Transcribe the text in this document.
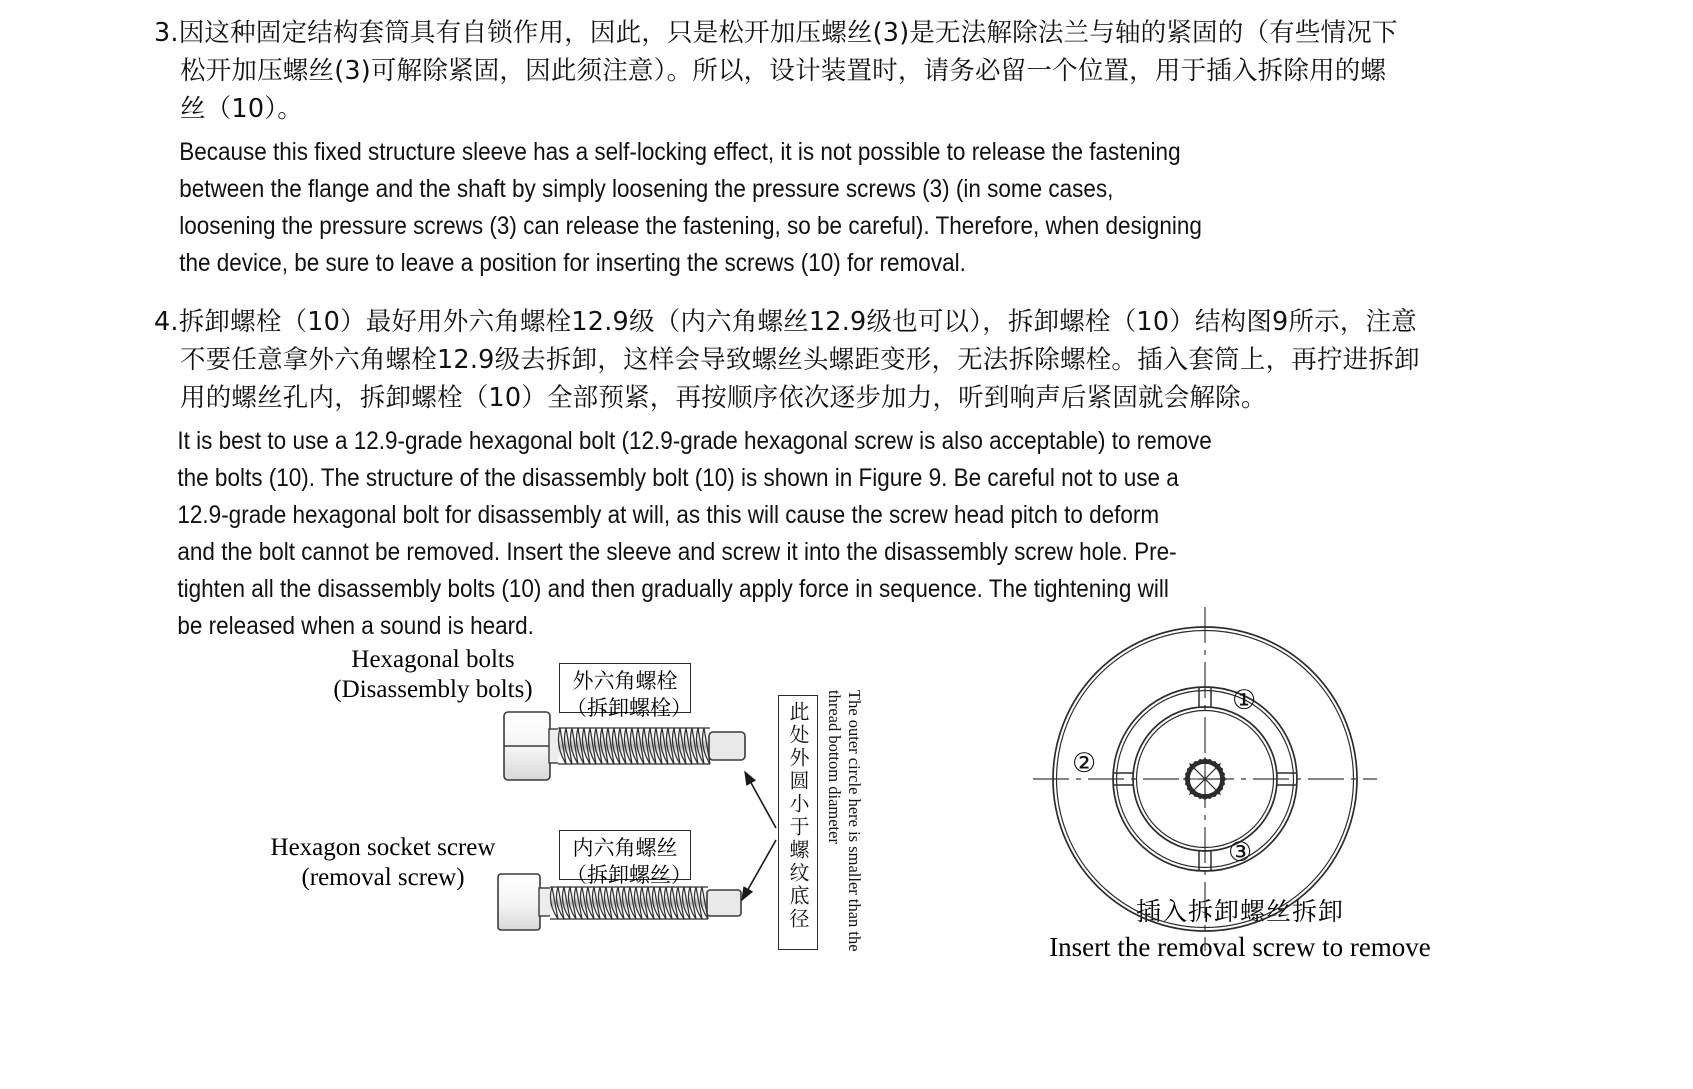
3.因这种固定结构套筒具有自锁作用，因此，只是松开加压螺丝(3)是无法解除法兰与轴的紧固的（有些情况下
松开加压螺丝(3)可解除紧固，因此须注意）。所以，设计装置时，请务必留一个位置，用于插入拆除用的螺
丝（10）。
Because this fixed structure sleeve has a self-locking effect, it is not possible to release the fastening
between the flange and the shaft by simply loosening the pressure screws (3) (in some cases,
loosening the pressure screws (3) can release the fastening, so be careful). Therefore, when designing
the device, be sure to leave a position for inserting the screws (10) for removal.
4.拆卸螺栓（10）最好用外六角螺栓12.9级（内六角螺丝12.9级也可以），拆卸螺栓（10）结构图9所示，注意
不要任意拿外六角螺栓12.9级去拆卸，这样会导致螺丝头螺距变形，无法拆除螺栓。插入套筒上，再拧进拆卸
用的螺丝孔内，拆卸螺栓（10）全部预紧，再按顺序依次逐步加力，听到响声后紧固就会解除。
It is best to use a 12.9-grade hexagonal bolt (12.9-grade hexagonal screw is also acceptable) to remove
the bolts (10). The structure of the disassembly bolt (10) is shown in Figure 9. Be careful not to use a
12.9-grade hexagonal bolt for disassembly at will, as this will cause the screw head pitch to deform
and the bolt cannot be removed. Insert the sleeve and screw it into the disassembly screw hole. Pre-
tighten all the disassembly bolts (10) and then gradually apply force in sequence. The tightening will
be released when a sound is heard.
Hexagonal bolts
(Disassembly bolts)
Hexagon socket screw
(removal screw)
外六角螺栓
（拆卸螺栓）
内六角螺丝
（拆卸螺丝）	此处外圆小于螺纹底径	The outer circle here is smaller than the thread bottom diameter
插入拆卸螺丝拆卸
Insert the removal screw to remove
①
②
③
